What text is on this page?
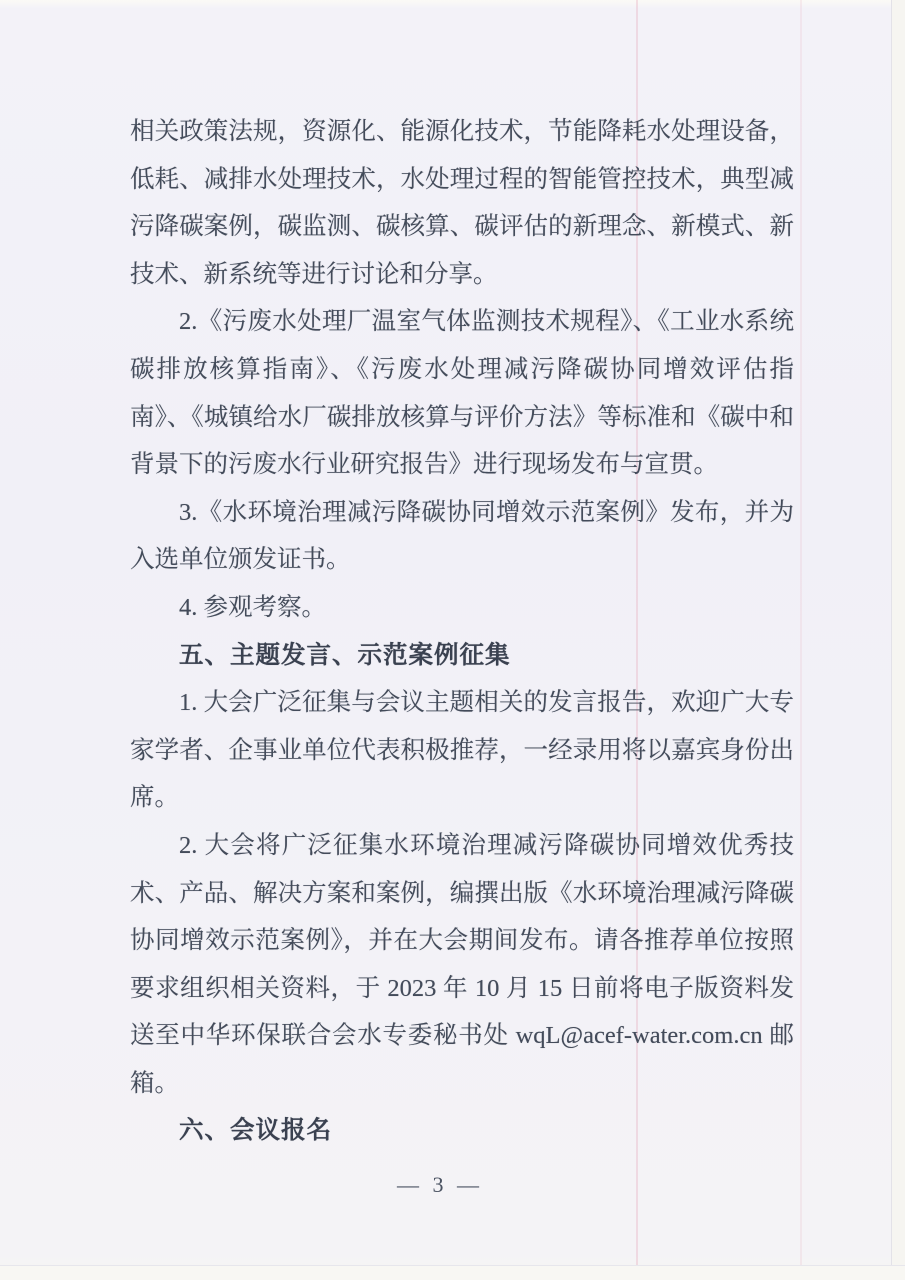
相关政策法规，资源化、能源化技术，节能降耗水处理设备，低耗、减排水处理技术，水处理过程的智能管控技术，典型减污降碳案例，碳监测、碳核算、碳评估的新理念、新模式、新技术、新系统等进行讨论和分享。

2.《污废水处理厂温室气体监测技术规程》、《工业水系统碳排放核算指南》、《污废水处理减污降碳协同增效评估指南》、《城镇给水厂碳排放核算与评价方法》等标准和《碳中和背景下的污废水行业研究报告》进行现场发布与宣贯。

3.《水环境治理减污降碳协同增效示范案例》发布，并为入选单位颁发证书。

4. 参观考察。

五、主题发言、示范案例征集

1. 大会广泛征集与会议主题相关的发言报告，欢迎广大专家学者、企事业单位代表积极推荐，一经录用将以嘉宾身份出席。

2. 大会将广泛征集水环境治理减污降碳协同增效优秀技术、产品、解决方案和案例，编撰出版《水环境治理减污降碳协同增效示范案例》，并在大会期间发布。请各推荐单位按照要求组织相关资料，于 2023 年 10 月 15 日前将电子版资料发送至中华环保联合会水专委秘书处 wqL@acef-water.com.cn 邮箱。

六、会议报名

— 3 —
